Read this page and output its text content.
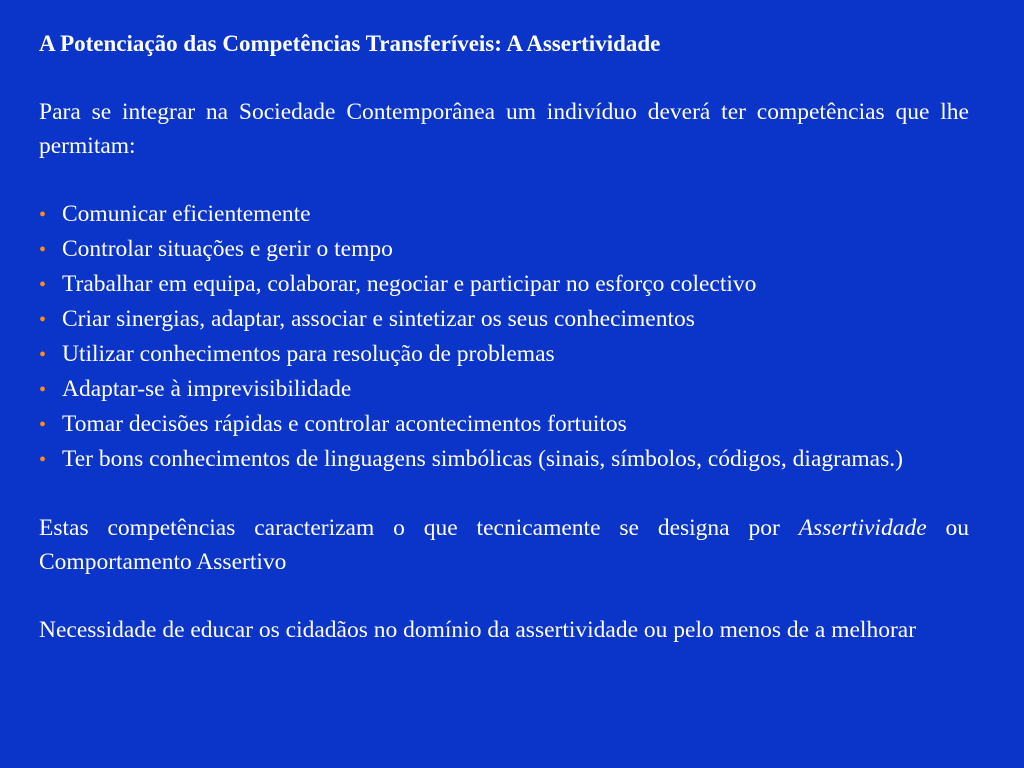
A Potenciação das Competências Transferíveis: A Assertividade

Para se integrar na Sociedade Contemporânea um indivíduo deverá ter competências que lhe permitam:

• Comunicar eficientemente
• Controlar situações e gerir o tempo
• Trabalhar em equipa, colaborar, negociar e participar no esforço colectivo
• Criar sinergias, adaptar, associar e sintetizar os seus conhecimentos
• Utilizar conhecimentos para resolução de problemas
• Adaptar-se à imprevisibilidade
• Tomar decisões rápidas e controlar acontecimentos fortuitos
• Ter bons conhecimentos de linguagens simbólicas (sinais, símbolos, códigos, diagramas.)

Estas competências caracterizam o que tecnicamente se designa por Assertividade ou Comportamento Assertivo

Necessidade de educar os cidadãos no domínio da assertividade ou pelo menos de a melhorar
